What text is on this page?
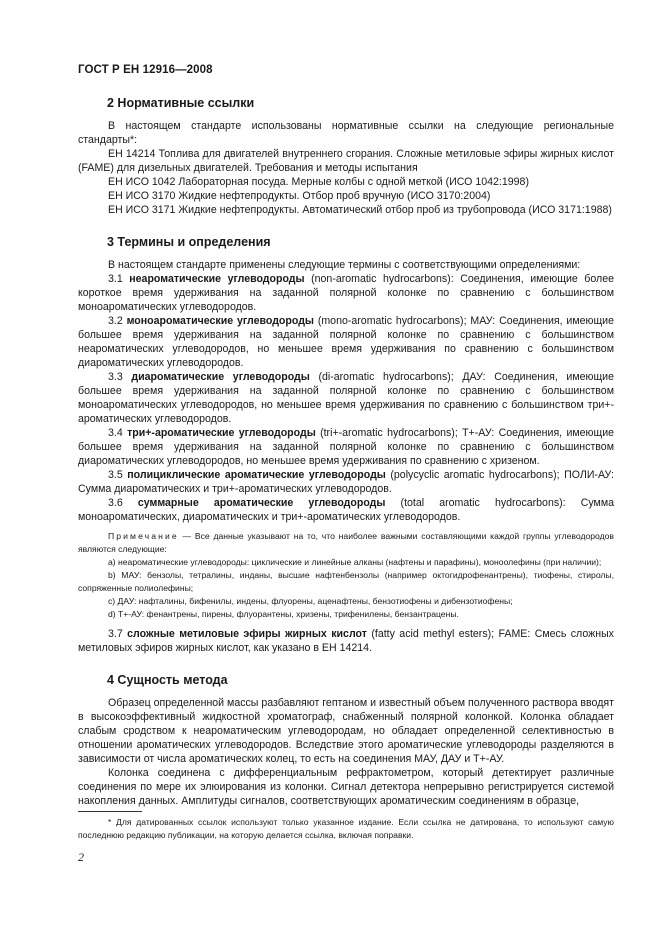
ГОСТ Р ЕН 12916—2008
2 Нормативные ссылки

В настоящем стандарте использованы нормативные ссылки на следующие региональные стандарты*:

ЕН 14214 Топлива для двигателей внутреннего сгорания. Сложные метиловые эфиры жирных кислот (FAME) для дизельных двигателей. Требования и методы испытания

ЕН ИСО 1042 Лабораторная посуда. Мерные колбы с одной меткой (ИСО 1042:1998)

ЕН ИСО 3170 Жидкие нефтепродукты. Отбор проб вручную (ИСО 3170:2004)

ЕН ИСО 3171 Жидкие нефтепродукты. Автоматический отбор проб из трубопровода (ИСО 3171:1988)

3 Термины и определения

В настоящем стандарте применены следующие термины с соответствующими определениями:

3.1 неароматические углеводороды (non-aromatic hydrocarbons): Соединения, имеющие более короткое время удерживания на заданной полярной колонке по сравнению с большинством моноароматических углеводородов.

3.2 моноароматические углеводороды (mono-aromatic hydrocarbons); МАУ: Соединения, имеющие большее время удерживания на заданной полярной колонке по сравнению с большинством неароматических углеводородов, но меньшее время удерживания по сравнению с большинством диароматических углеводородов.

3.3 диароматические углеводороды (di-aromatic hydrocarbons); ДАУ: Соединения, имеющие большее время удерживания на заданной полярной колонке по сравнению с большинством моноароматических углеводородов, но меньшее время удерживания по сравнению с большинством три+-ароматических углеводородов.

3.4 три+-ароматические углеводороды (tri+-aromatic hydrocarbons); Т+-АУ: Соединения, имеющие большее время удерживания на заданной полярной колонке по сравнению с большинством диароматических углеводородов, но меньшее время удерживания по сравнению с хризеном.

3.5 полициклические ароматические углеводороды (polycyclic aromatic hydrocarbons); ПОЛИ-АУ: Сумма диароматических и три+-ароматических углеводородов.

3.6 суммарные ароматические углеводороды (total aromatic hydrocarbons): Сумма моноароматических, диароматических и три+-ароматических углеводородов.

Примечание — Все данные указывают на то, что наиболее важными составляющими каждой группы углеводородов являются следующие:

а) неароматические углеводороды: циклические и линейные алканы (нафтены и парафины), моноолефины (при наличии);

b) МАУ: бензолы, тетралины, инданы, высшие нафтенбензолы (например октогидрофенантрены), тиофены, стиролы, сопряженные полиолефины;

с) ДАУ: нафталины, бифенилы, индены, флуорены, аценафтены, бензотиофены и дибензотиофены;

d) Т+-АУ: фенантрены, пирены, флуорантены, хризены, трифенилены, бензантрацены.

3.7 сложные метиловые эфиры жирных кислот (fatty acid methyl esters); FAME: Смесь сложных метиловых эфиров жирных кислот, как указано в ЕН 14214.

4 Сущность метода

Образец определенной массы разбавляют гептаном и известный объем полученного раствора вводят в высокоэффективный жидкостной хроматограф, снабженный полярной колонкой. Колонка обладает слабым сродством к неароматическим углеводородам, но обладает определенной селективностью в отношении ароматических углеводородов. Вследствие этого ароматические углеводороды разделяются в зависимости от числа ароматических колец, то есть на соединения МАУ, ДАУ и Т+-АУ.

Колонка соединена с дифференциальным рефрактометром, который детектирует различные соединения по мере их элюирования из колонки. Сигнал детектора непрерывно регистрируется системой накопления данных. Амплитуды сигналов, соответствующих ароматическим соединениям в образце,

* Для датированных ссылок используют только указанное издание. Если ссылка не датирована, то используют самую последнюю редакцию публикации, на которую делается ссылка, включая поправки.

2
